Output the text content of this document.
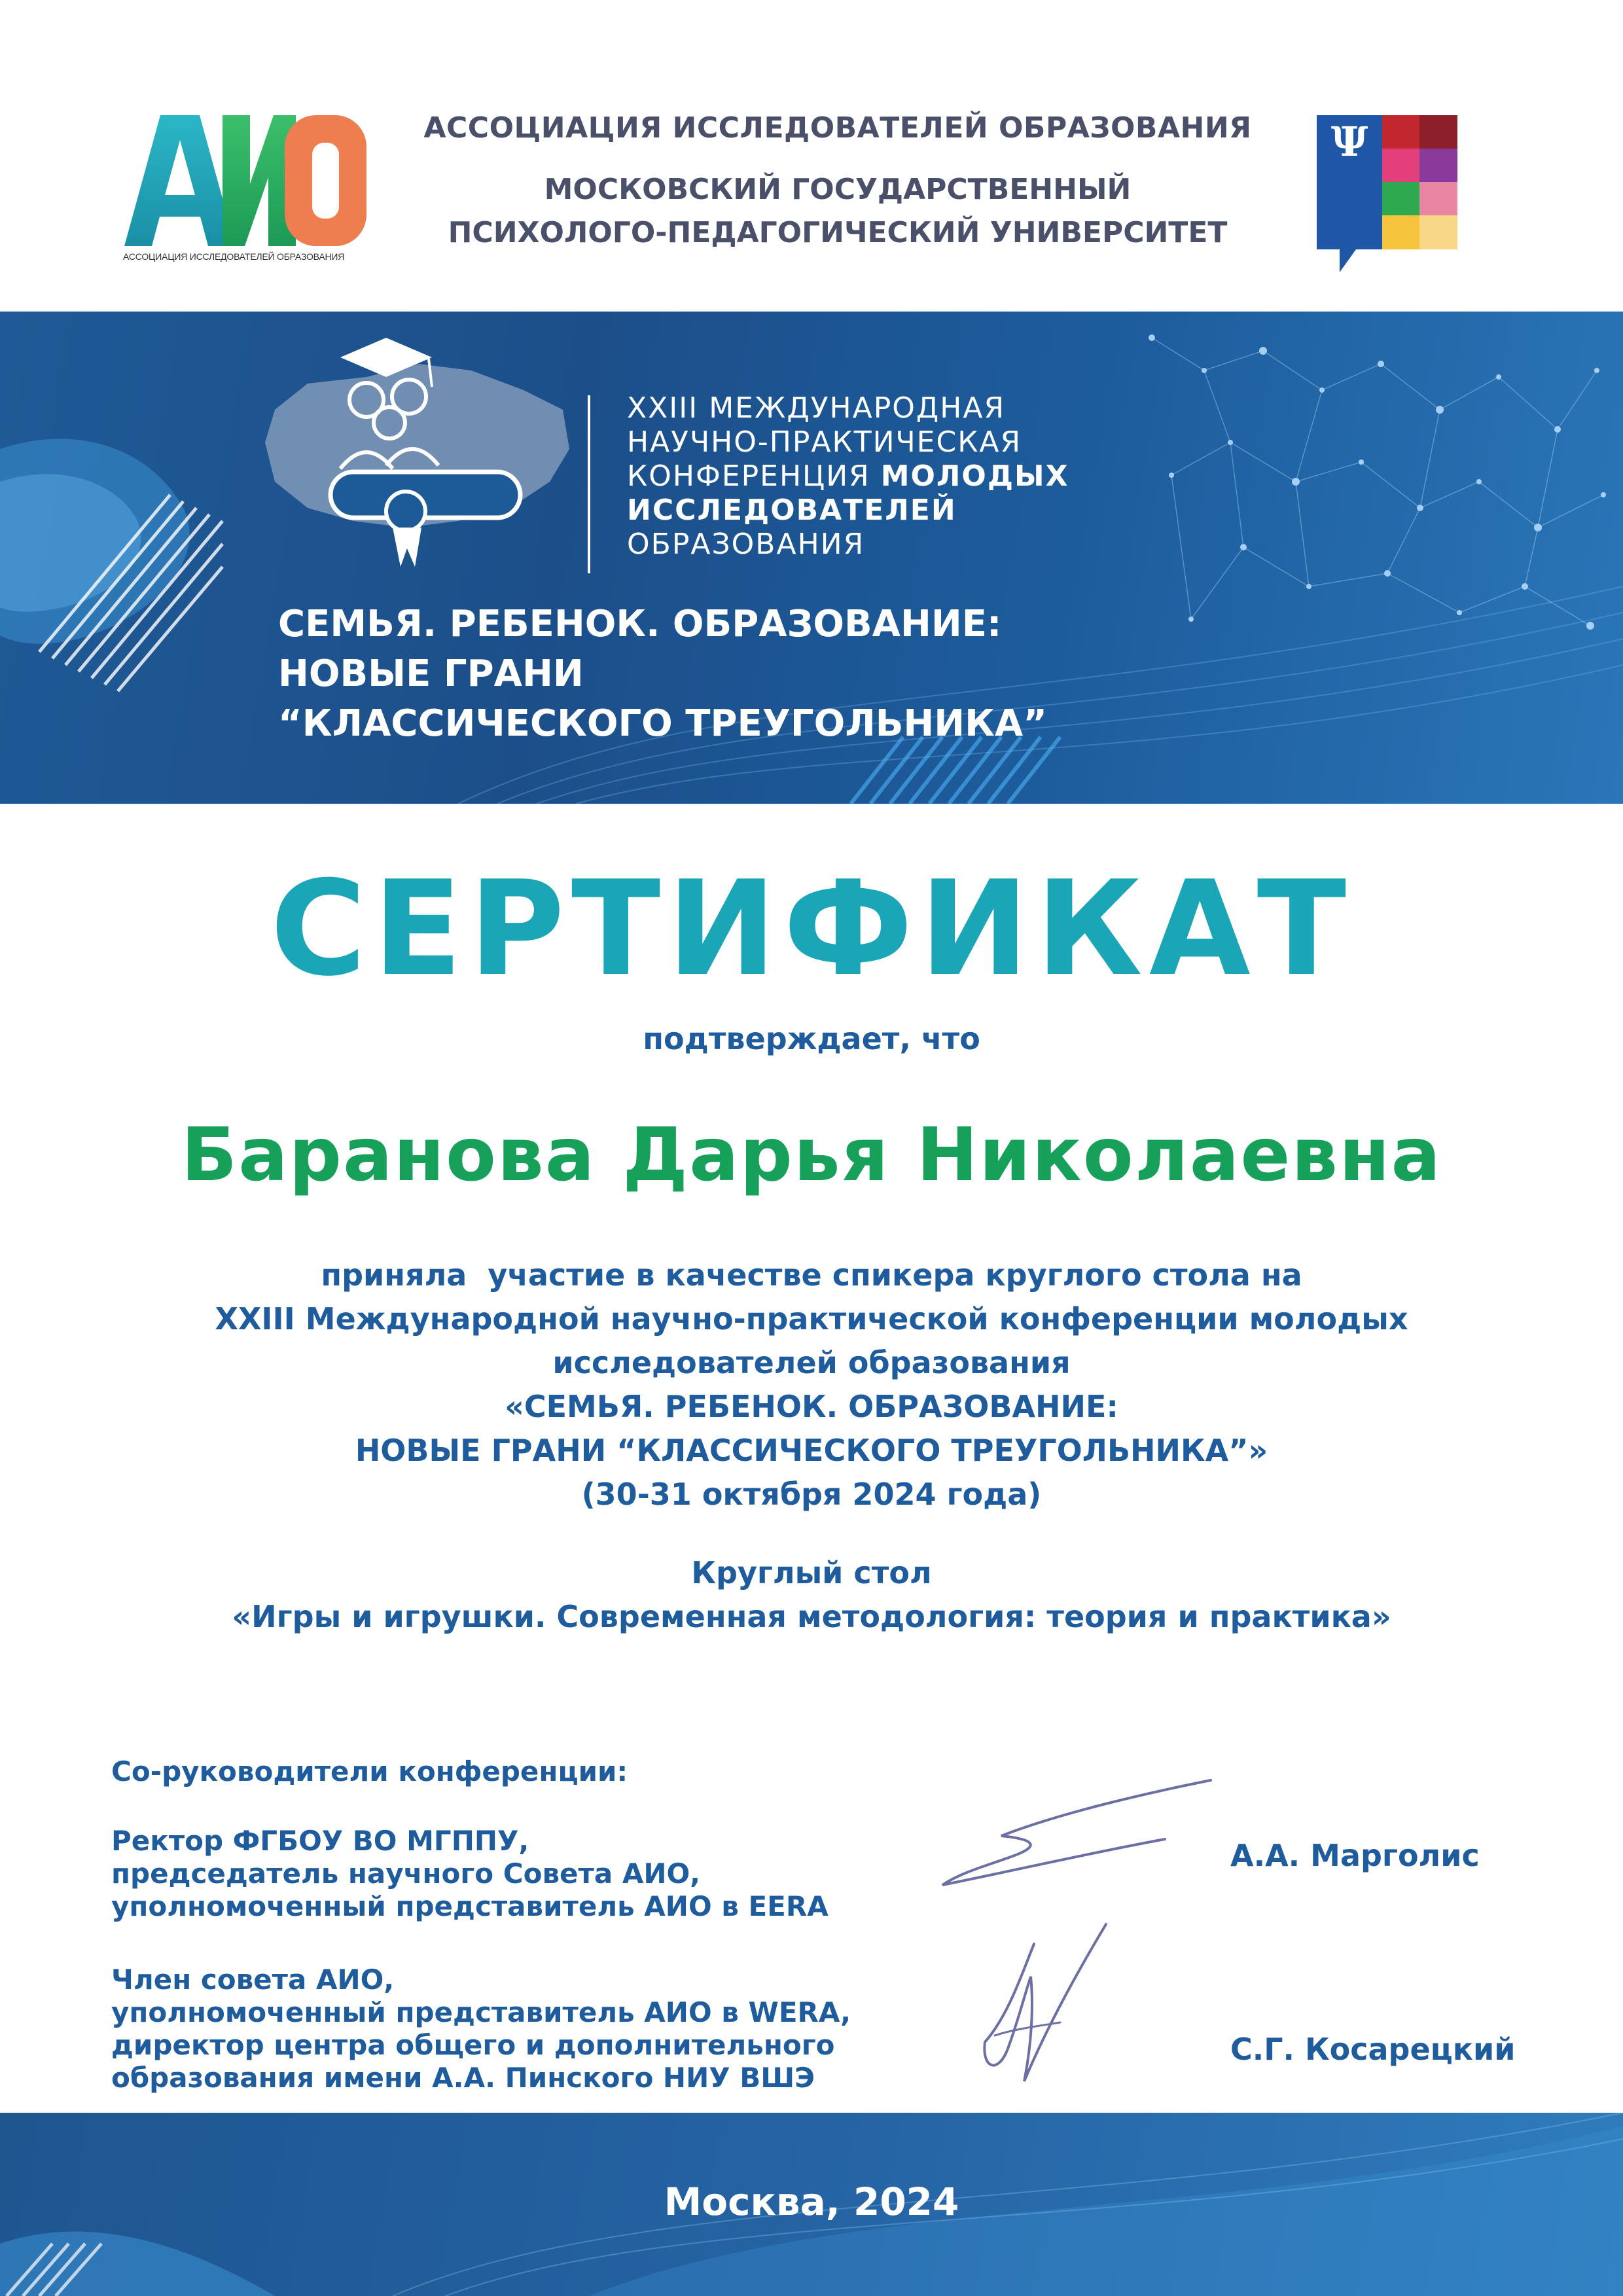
АССОЦИАЦИЯ ИССЛЕДОВАТЕЛЕЙ ОБРАЗОВАНИЯ
АССОЦИАЦИЯ ИССЛЕДОВАТЕЛЕЙ ОБРАЗОВАНИЯ
МОСКОВСКИЙ ГОСУДАРСТВЕННЫЙ
ПСИХОЛОГО-ПЕДАГОГИЧЕСКИЙ УНИВЕРСИТЕТ
Ψ
XXIII МЕЖДУНАРОДНАЯ
НАУЧНО-ПРАКТИЧЕСКАЯ
КОНФЕРЕНЦИЯ МОЛОДЫХ
ИССЛЕДОВАТЕЛЕЙ
ОБРАЗОВАНИЯ
СЕМЬЯ. РЕБЕНОК. ОБРАЗОВАНИЕ:
НОВЫЕ ГРАНИ
“КЛАССИЧЕСКОГО ТРЕУГОЛЬНИКА”
СЕРТИФИКАТ
подтверждает, что
Баранова Дарья Николаевна
приняла  участие в качестве спикера круглого стола на
XXIII Международной научно-практической конференции молодых
исследователей образования
«СЕМЬЯ. РЕБЕНОК. ОБРАЗОВАНИЕ:
НОВЫЕ ГРАНИ “КЛАССИЧЕСКОГО ТРЕУГОЛЬНИКА”»
(30-31 октября 2024 года)
Круглый стол
«Игры и игрушки. Современная методология: теория и практика»
Со-руководители конференции:
Ректор ФГБОУ ВО МГППУ,
председатель научного Совета АИО,
уполномоченный представитель АИО в EERA
А.А. Марголис
Член совета АИО,
уполномоченный представитель АИО в WERA,
директор центра общего и дополнительного
образования имени А.А. Пинского НИУ ВШЭ
С.Г. Косарецкий
Москва, 2024
